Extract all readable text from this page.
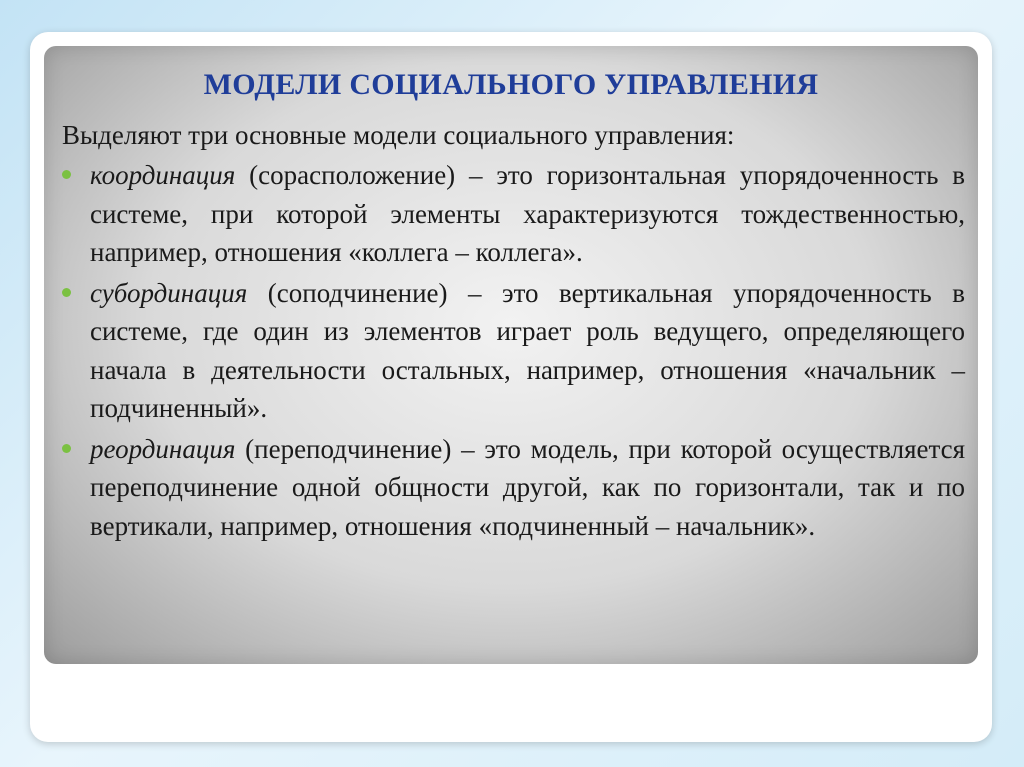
МОДЕЛИ СОЦИАЛЬНОГО УПРАВЛЕНИЯ
Выделяют три основные модели социального управления:
координация (сорасположение) – это горизонтальная упорядоченность в системе, при которой элементы характеризуются тождественностью, например, отношения «коллега – коллега».
субординация (соподчинение) – это вертикальная упорядоченность в системе, где один из элементов играет роль ведущего, определяющего начала в деятельности остальных, например, отношения «начальник – подчиненный».
реординация (переподчинение) – это модель, при которой осуществляется переподчинение одной общности другой, как по горизонтали, так и по вертикали, например, отношения «подчиненный – начальник».
